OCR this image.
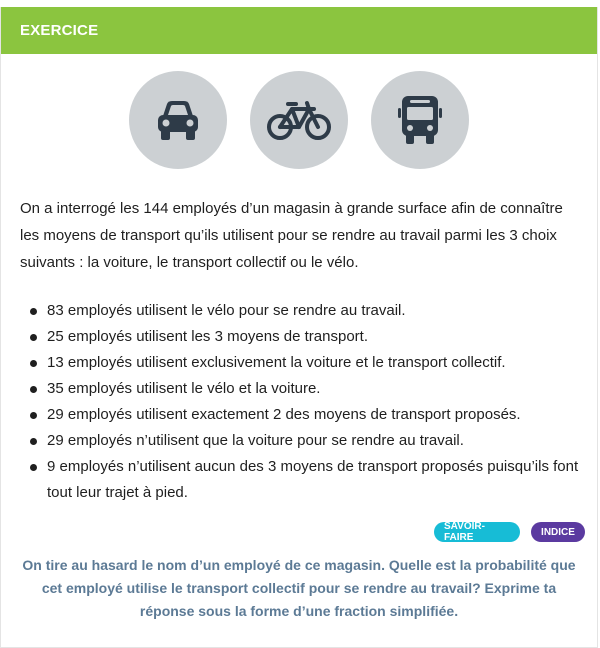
EXERCICE

On a interrogé les 144 employés d’un magasin à grande surface afin de connaître les moyens de transport qu’ils utilisent pour se rendre au travail parmi les 3 choix suivants : la voiture, le transport collectif ou le vélo.

83 employés utilisent le vélo pour se rendre au travail.
25 employés utilisent les 3 moyens de transport.
13 employés utilisent exclusivement la voiture et le transport collectif.
35 employés utilisent le vélo et la voiture.
29 employés utilisent exactement 2 des moyens de transport proposés.
29 employés n’utilisent que la voiture pour se rendre au travail.
9 employés n’utilisent aucun des 3 moyens de transport proposés puisqu’ils font tout leur trajet à pied.
SAVOIR-FAIRE	INDICE

On tire au hasard le nom d’un employé de ce magasin. Quelle est la probabilité que cet employé utilise le transport collectif pour se rendre au travail? Exprime ta réponse sous la forme d’une fraction simplifiée.
